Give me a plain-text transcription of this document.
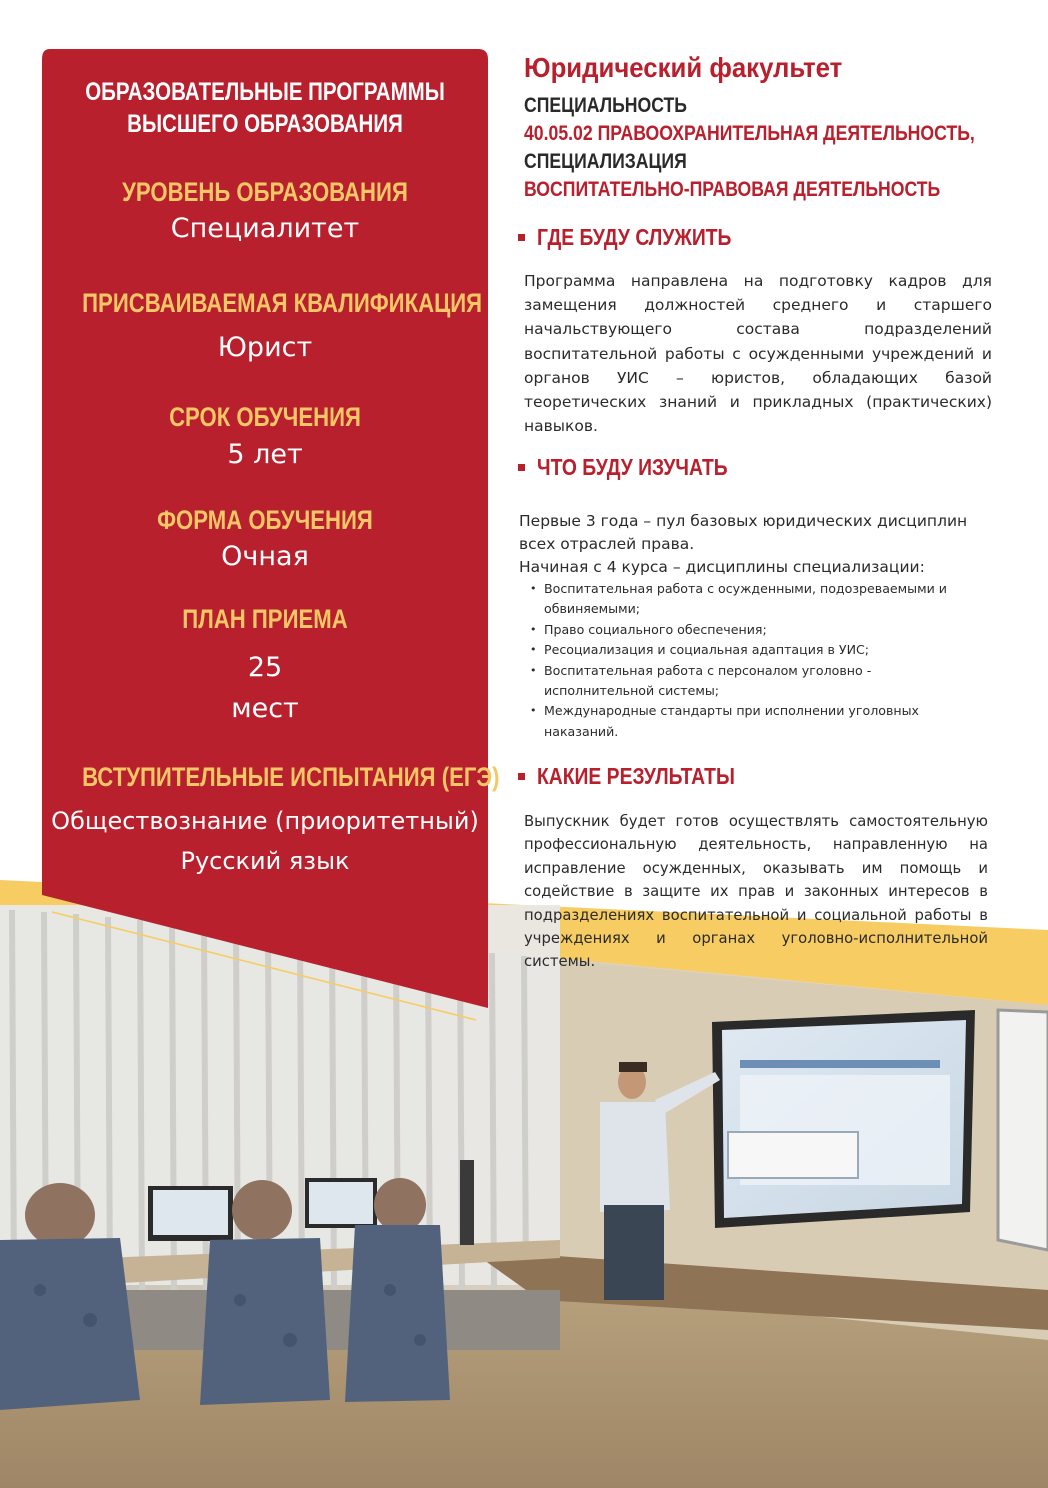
ОБРАЗОВАТЕЛЬНЫЕ ПРОГРАММЫ
ВЫСШЕГО ОБРАЗОВАНИЯ
УРОВЕНЬ ОБРАЗОВАНИЯ
Специалитет
ПРИСВАИВАЕМАЯ КВАЛИФИКАЦИЯ
Юрист
СРОК ОБУЧЕНИЯ
5 лет
ФОРМА ОБУЧЕНИЯ
Очная
ПЛАН ПРИЕМА
25
мест
ВСТУПИТЕЛЬНЫЕ ИСПЫТАНИЯ (ЕГЭ)
Обществознание (приоритетный)
Русский язык
Юридический факультет
СПЕЦИАЛЬНОСТЬ
40.05.02 ПРАВООХРАНИТЕЛЬНАЯ ДЕЯТЕЛЬНОСТЬ,
СПЕЦИАЛИЗАЦИЯ
ВОСПИТАТЕЛЬНО-ПРАВОВАЯ ДЕЯТЕЛЬНОСТЬ
ГДЕ БУДУ СЛУЖИТЬ
Программа направлена на подготовку кадров для замещения должностей среднего и старшего начальствующего состава подразделений воспитательной работы с осужденными учреждений и органов УИС – юристов, обладающих базой теоретических знаний и прикладных (практических) навыков.
ЧТО БУДУ ИЗУЧАТЬ
Первые 3 года – пул базовых юридических дисциплин всех отраслей права.
Начиная с 4 курса – дисциплины специализации:
• Воспитательная работа с осужденными, подозреваемыми и обвиняемыми;
• Право социального обеспечения;
• Ресоциализация и социальная адаптация в УИС;
• Воспитательная работа с персоналом уголовно - исполнительной системы;
• Международные стандарты при исполнении уголовных наказаний.
КАКИЕ РЕЗУЛЬТАТЫ
Выпускник будет готов осуществлять самостоятельную профессиональную деятельность, направленную на исправление осужденных, оказывать им помощь и содействие в защите их прав и законных интересов в подразделениях воспитательной и социальной работы в учреждениях и органах уголовно-исполнительной системы.
